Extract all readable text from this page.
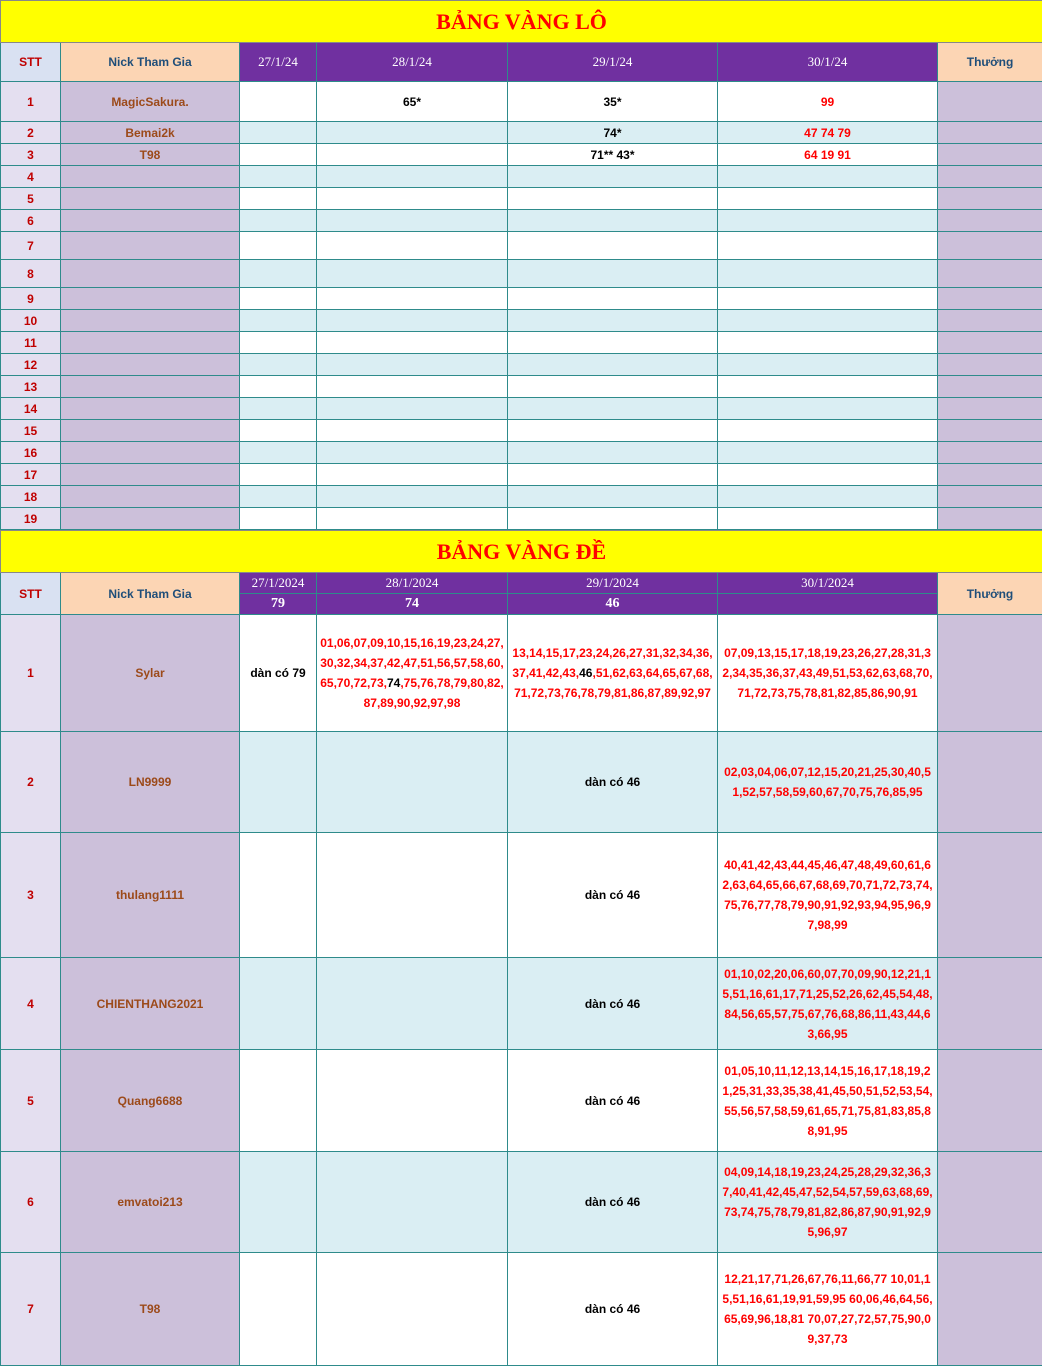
BẢNG VÀNG LÔ						
STT	Nick Tham Gia	27/1/24	28/1/24	29/1/24	30/1/24	Thưởng
1	MagicSakura.		65*	35*	99	
2	Bemai2k			74*	47 74 79	
3	T98			71** 43*	64 19 91	
4						
5						
6						
7						
8						
9						
10						
11						
12						
13						
14						
15						
16						
17						
18						
19						
BẢNG VÀNG ĐỀ						
STT	Nick Tham Gia	27/1/2024	28/1/2024	29/1/2024	30/1/2024	Thưởng
		79	74	46		
1	Sylar	dàn có 79	01,06,07,09,10,15,16,19,23,24,27,30,32,34,37,42,47,51,56,57,58,60,65,70,72,73,74,75,76,78,79,80,82,87,89,90,92,97,98	13,14,15,17,23,24,26,27,31,32,34,36,37,41,42,43,46,51,62,63,64,65,67,68,71,72,73,76,78,79,81,86,87,89,92,97	07,09,13,15,17,18,19,23,26,27,28,31,32,34,35,36,37,43,49,51,53,62,63,68,70,71,72,73,75,78,81,82,85,86,90,91	
2	LN9999			dàn có 46	02,03,04,06,07,12,15,20,21,25,30,40,51,52,57,58,59,60,67,70,75,76,85,95	
3	thulang1111			dàn có 46	40,41,42,43,44,45,46,47,48,49,60,61,62,63,64,65,66,67,68,69,70,71,72,73,74,75,76,77,78,79,90,91,92,93,94,95,96,97,98,99	
4	CHIENTHANG2021			dàn có 46	01,10,02,20,06,60,07,70,09,90,12,21,15,51,16,61,17,71,25,52,26,62,45,54,48,84,56,65,57,75,67,76,68,86,11,43,44,63,66,95	
5	Quang6688			dàn có 46	01,05,10,11,12,13,14,15,16,17,18,19,21,25,31,33,35,38,41,45,50,51,52,53,54,55,56,57,58,59,61,65,71,75,81,83,85,88,91,95	
6	emvatoi213			dàn có 46	04,09,14,18,19,23,24,25,28,29,32,36,37,40,41,42,45,47,52,54,57,59,63,68,69,73,74,75,78,79,81,82,86,87,90,91,92,95,96,97	
7	T98			dàn có 46	12,21,17,71,26,67,76,11,66,77 10,01,15,51,16,61,19,91,59,95 60,06,46,64,56,65,69,96,18,81 70,07,27,72,57,75,90,09,37,73	
